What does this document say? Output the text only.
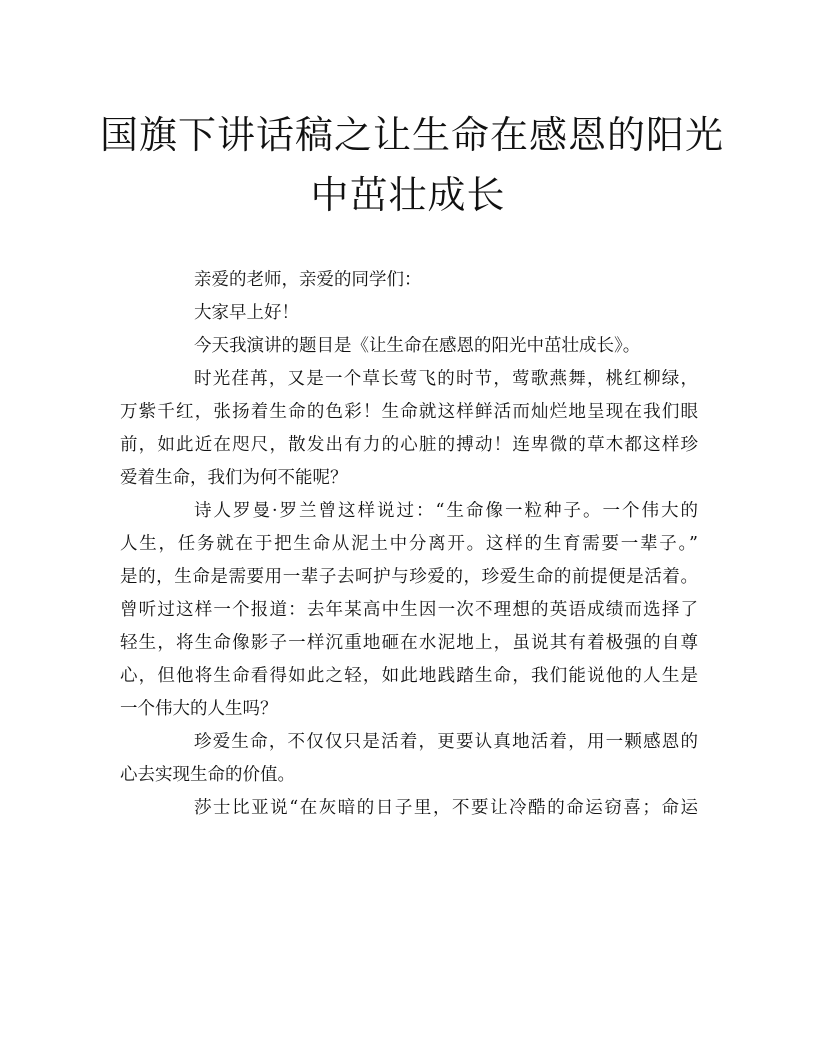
国旗下讲话稿之让生命在感恩的阳光
中茁壮成长
亲爱的老师，亲爱的同学们：
大家早上好！
今天我演讲的题目是《让生命在感恩的阳光中茁壮成长》。
时光荏苒，又是一个草长莺飞的时节，莺歌燕舞，桃红柳绿，
万紫千红，张扬着生命的色彩！生命就这样鲜活而灿烂地呈现在我们眼
前，如此近在咫尺，散发出有力的心脏的搏动！连卑微的草木都这样珍
爱着生命，我们为何不能呢？
诗人罗曼·罗兰曾这样说过：“生命像一粒种子。一个伟大的
人生，任务就在于把生命从泥土中分离开。这样的生育需要一辈子。”
是的，生命是需要用一辈子去呵护与珍爱的，珍爱生命的前提便是活着。
曾听过这样一个报道：去年某高中生因一次不理想的英语成绩而选择了
轻生，将生命像影子一样沉重地砸在水泥地上，虽说其有着极强的自尊
心，但他将生命看得如此之轻，如此地践踏生命，我们能说他的人生是
一个伟大的人生吗？
珍爱生命，不仅仅只是活着，更要认真地活着，用一颗感恩的
心去实现生命的价值。
莎士比亚说“在灰暗的日子里，不要让冷酷的命运窃喜；命运
